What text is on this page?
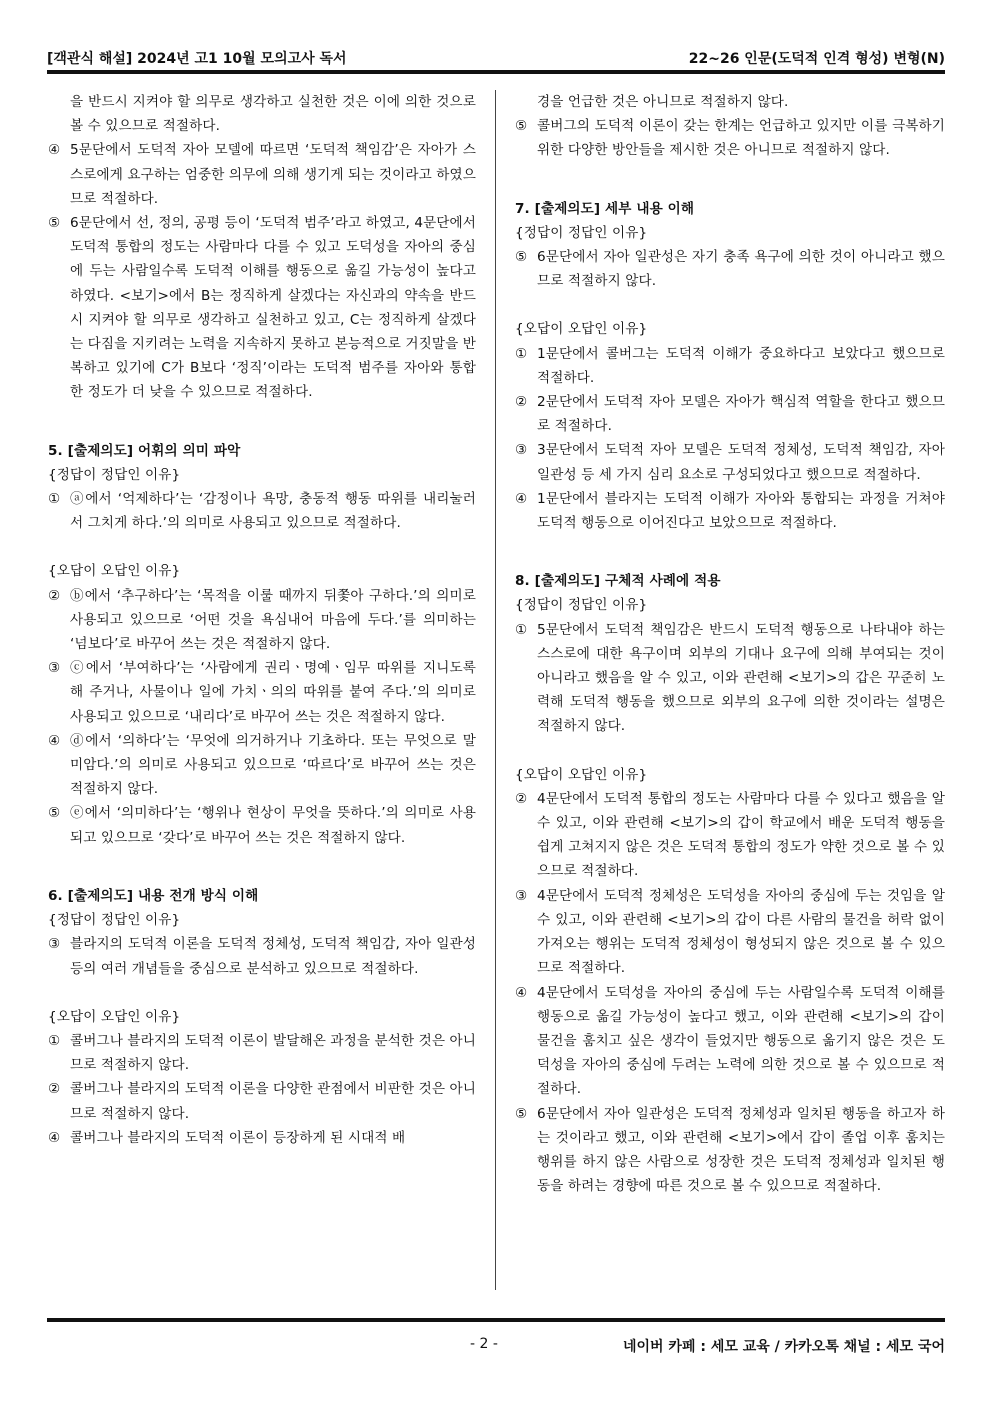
[객관식 해설] 2024년 고1 10월 모의고사 독서	22~26 인문(도덕적 인격 형성) 변형(N)

을 반드시 지켜야 할 의무로 생각하고 실천한 것은 이에 의한 것으로 볼 수 있으므로 적절하다.

④ 5문단에서 도덕적 자아 모델에 따르면 ‘도덕적 책임감’은 자아가 스스로에게 요구하는 엄중한 의무에 의해 생기게 되는 것이라고 하였으므로 적절하다.
⑤ 6문단에서 선, 정의, 공평 등이 ‘도덕적 범주’라고 하였고, 4문단에서 도덕적 통합의 정도는 사람마다 다를 수 있고 도덕성을 자아의 중심에 두는 사람일수록 도덕적 이해를 행동으로 옮길 가능성이 높다고 하였다. <보기>에서 B는 정직하게 살겠다는 자신과의 약속을 반드시 지켜야 할 의무로 생각하고 실천하고 있고, C는 정직하게 살겠다는 다짐을 지키려는 노력을 지속하지 못하고 본능적으로 거짓말을 반복하고 있기에 C가 B보다 ‘정직’이라는 도덕적 범주를 자아와 통합한 정도가 더 낮을 수 있으므로 적절하다.

5. [출제의도] 어휘의 의미 파악

{정답이 정답인 이유}

① ⓐ에서 ‘억제하다’는 ‘감정이나 욕망, 충동적 행동 따위를 내리눌러서 그치게 하다.’의 의미로 사용되고 있으므로 적절하다.

{오답이 오답인 이유}

② ⓑ에서 ‘추구하다’는 ‘목적을 이룰 때까지 뒤쫓아 구하다.’의 의미로 사용되고 있으므로 ‘어떤 것을 욕심내어 마음에 두다.’를 의미하는 ‘넘보다’로 바꾸어 쓰는 것은 적절하지 않다.
③ ⓒ에서 ‘부여하다’는 ‘사람에게 권리ㆍ명예ㆍ임무 따위를 지니도록 해 주거나, 사물이나 일에 가치ㆍ의의 따위를 붙여 주다.’의 의미로 사용되고 있으므로 ‘내리다’로 바꾸어 쓰는 것은 적절하지 않다.
④ ⓓ에서 ‘의하다’는 ‘무엇에 의거하거나 기초하다. 또는 무엇으로 말미암다.’의 의미로 사용되고 있으므로 ‘따르다’로 바꾸어 쓰는 것은 적절하지 않다.
⑤ ⓔ에서 ‘의미하다’는 ‘행위나 현상이 무엇을 뜻하다.’의 의미로 사용되고 있으므로 ‘갖다’로 바꾸어 쓰는 것은 적절하지 않다.

6. [출제의도] 내용 전개 방식 이해

{정답이 정답인 이유}

③ 블라지의 도덕적 이론을 도덕적 정체성, 도덕적 책임감, 자아 일관성 등의 여러 개념들을 중심으로 분석하고 있으므로 적절하다.

{오답이 오답인 이유}

① 콜버그나 블라지의 도덕적 이론이 발달해온 과정을 분석한 것은 아니므로 적절하지 않다.
② 콜버그나 블라지의 도덕적 이론을 다양한 관점에서 비판한 것은 아니므로 적절하지 않다.
④ 콜버그나 블라지의 도덕적 이론이 등장하게 된 시대적 배

경을 언급한 것은 아니므로 적절하지 않다.

⑤ 콜버그의 도덕적 이론이 갖는 한계는 언급하고 있지만 이를 극복하기 위한 다양한 방안들을 제시한 것은 아니므로 적절하지 않다.

7. [출제의도] 세부 내용 이해

{정답이 정답인 이유}

⑤ 6문단에서 자아 일관성은 자기 충족 욕구에 의한 것이 아니라고 했으므로 적절하지 않다.

{오답이 오답인 이유}

① 1문단에서 콜버그는 도덕적 이해가 중요하다고 보았다고 했으므로 적절하다.
② 2문단에서 도덕적 자아 모델은 자아가 핵심적 역할을 한다고 했으므로 적절하다.
③ 3문단에서 도덕적 자아 모델은 도덕적 정체성, 도덕적 책임감, 자아 일관성 등 세 가지 심리 요소로 구성되었다고 했으므로 적절하다.
④ 1문단에서 블라지는 도덕적 이해가 자아와 통합되는 과정을 거쳐야 도덕적 행동으로 이어진다고 보았으므로 적절하다.

8. [출제의도] 구체적 사례에 적용

{정답이 정답인 이유}

① 5문단에서 도덕적 책임감은 반드시 도덕적 행동으로 나타내야 하는 스스로에 대한 욕구이며 외부의 기대나 요구에 의해 부여되는 것이 아니라고 했음을 알 수 있고, 이와 관련해 <보기>의 갑은 꾸준히 노력해 도덕적 행동을 했으므로 외부의 요구에 의한 것이라는 설명은 적절하지 않다.

{오답이 오답인 이유}

② 4문단에서 도덕적 통합의 정도는 사람마다 다를 수 있다고 했음을 알 수 있고, 이와 관련해 <보기>의 갑이 학교에서 배운 도덕적 행동을 쉽게 고쳐지지 않은 것은 도덕적 통합의 정도가 약한 것으로 볼 수 있으므로 적절하다.
③ 4문단에서 도덕적 정체성은 도덕성을 자아의 중심에 두는 것임을 알 수 있고, 이와 관련해 <보기>의 갑이 다른 사람의 물건을 허락 없이 가져오는 행위는 도덕적 정체성이 형성되지 않은 것으로 볼 수 있으므로 적절하다.
④ 4문단에서 도덕성을 자아의 중심에 두는 사람일수록 도덕적 이해를 행동으로 옮길 가능성이 높다고 했고, 이와 관련해 <보기>의 갑이 물건을 훔치고 싶은 생각이 들었지만 행동으로 옮기지 않은 것은 도덕성을 자아의 중심에 두려는 노력에 의한 것으로 볼 수 있으므로 적절하다.
⑤ 6문단에서 자아 일관성은 도덕적 정체성과 일치된 행동을 하고자 하는 것이라고 했고, 이와 관련해 <보기>에서 갑이 졸업 이후 훔치는 행위를 하지 않은 사람으로 성장한 것은 도덕적 정체성과 일치된 행동을 하려는 경향에 따른 것으로 볼 수 있으므로 적절하다.
- 2 -	네이버 카페 : 세모 교육 / 카카오톡 채널 : 세모 국어
